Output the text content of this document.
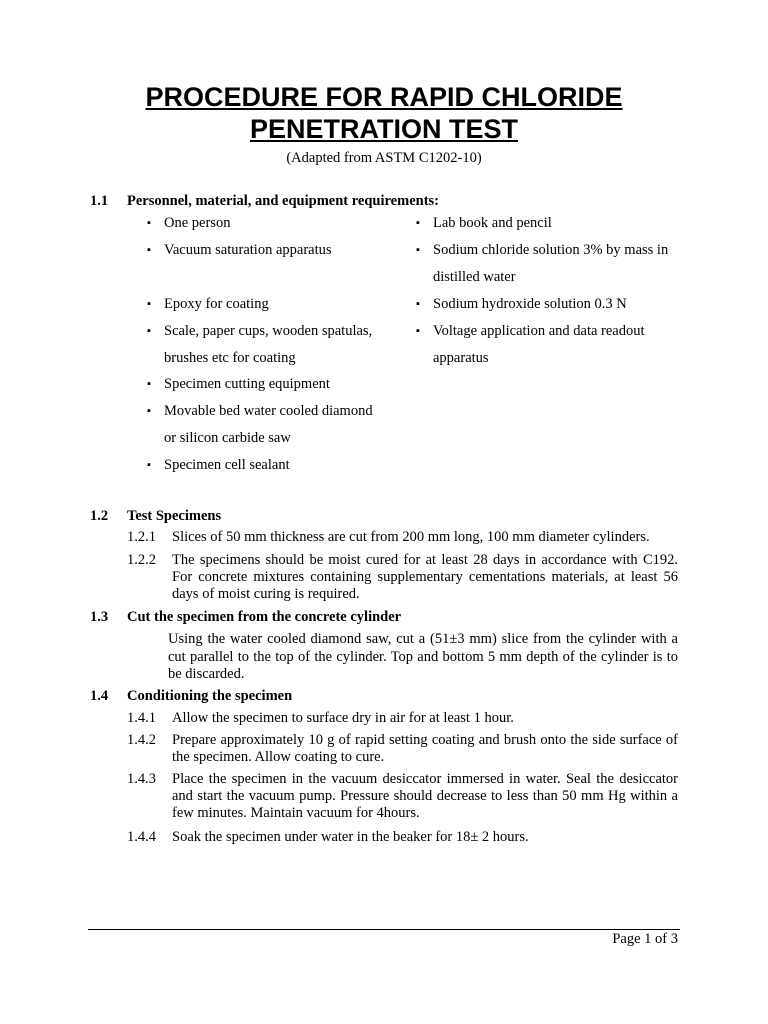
PROCEDURE FOR RAPID CHLORIDE
PENETRATION TEST
(Adapted from ASTM C1202-10)
1.1 Personnel, material, and equipment requirements:
▪ One person
▪ Vacuum saturation apparatus
▪ Epoxy for coating
▪ Scale, paper cups, wooden spatulas,
brushes etc for coating
▪ Specimen cutting equipment
▪ Movable bed water cooled diamond
or silicon carbide saw
▪ Specimen cell sealant
▪ Lab book and pencil
▪ Sodium chloride solution 3% by mass in
distilled water
▪ Sodium hydroxide solution 0.3 N
▪ Voltage application and data readout
apparatus
1.2 Test Specimens
1.2.1 Slices of 50 mm thickness are cut from 200 mm long, 100 mm diameter cylinders.
1.2.2 The specimens should be moist cured for at least 28 days in accordance with C192. For concrete mixtures containing supplementary cementations materials, at least 56 days of moist curing is required.
1.3 Cut the specimen from the concrete cylinder
Using the water cooled diamond saw, cut a (51±3 mm) slice from the cylinder with a cut parallel to the top of the cylinder. Top and bottom 5 mm depth of the cylinder is to be discarded.
1.4 Conditioning the specimen
1.4.1 Allow the specimen to surface dry in air for at least 1 hour.
1.4.2 Prepare approximately 10 g of rapid setting coating and brush onto the side surface of the specimen. Allow coating to cure.
1.4.3 Place the specimen in the vacuum desiccator immersed in water. Seal the desiccator and start the vacuum pump. Pressure should decrease to less than 50 mm Hg within a few minutes. Maintain vacuum for 4hours.
1.4.4 Soak the specimen under water in the beaker for 18± 2 hours.
Page 1 of 3
